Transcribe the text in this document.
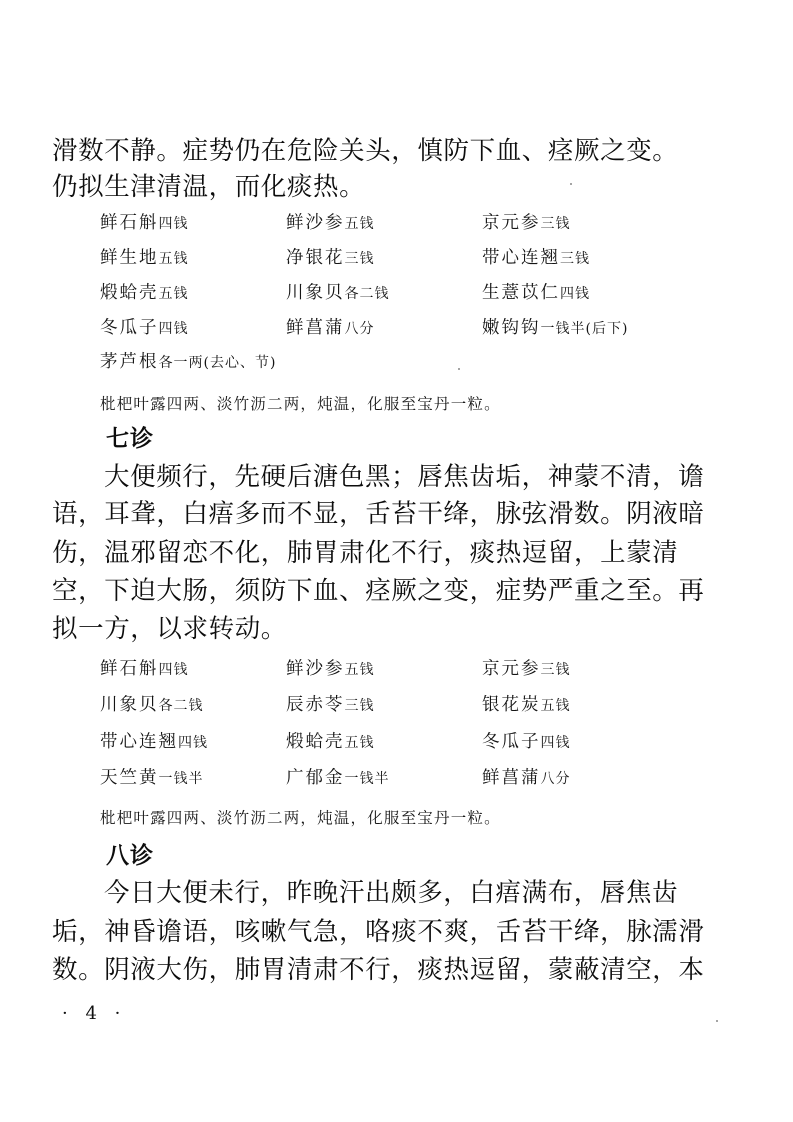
滑数不静。症势仍在危险关头，慎防下血、痉厥之变。
仍拟生津清温，而化痰热。
鲜石斛四钱	鲜沙参五钱	京元参三钱
鲜生地五钱	净银花三钱	带心连翘三钱
煅蛤壳五钱	川象贝各二钱	生薏苡仁四钱
冬瓜子四钱	鲜菖蒲八分	嫩钩钩一钱半(后下)
茅芦根各一两(去心、节)
枇杷叶露四两、淡竹沥二两，炖温，化服至宝丹一粒。
七诊
大便频行，先硬后溏色黑；唇焦齿垢，神蒙不清，谵
语，耳聋，白痦多而不显，舌苔干绛，脉弦滑数。阴液暗
伤，温邪留恋不化，肺胃肃化不行，痰热逗留，上蒙清
空，下迫大肠，须防下血、痉厥之变，症势严重之至。再
拟一方，以求转动。
鲜石斛四钱	鲜沙参五钱	京元参三钱
川象贝各二钱	辰赤苓三钱	银花炭五钱
带心连翘四钱	煅蛤壳五钱	冬瓜子四钱
天竺黄一钱半	广郁金一钱半	鲜菖蒲八分
枇杷叶露四两、淡竹沥二两，炖温，化服至宝丹一粒。
八诊
今日大便未行，昨晚汗出颇多，白痦满布，唇焦齿
垢，神昏谵语，咳嗽气急，咯痰不爽，舌苔干绛，脉濡滑
数。阴液大伤，肺胃清肃不行，痰热逗留，蒙蔽清空，本
· 4 ·
